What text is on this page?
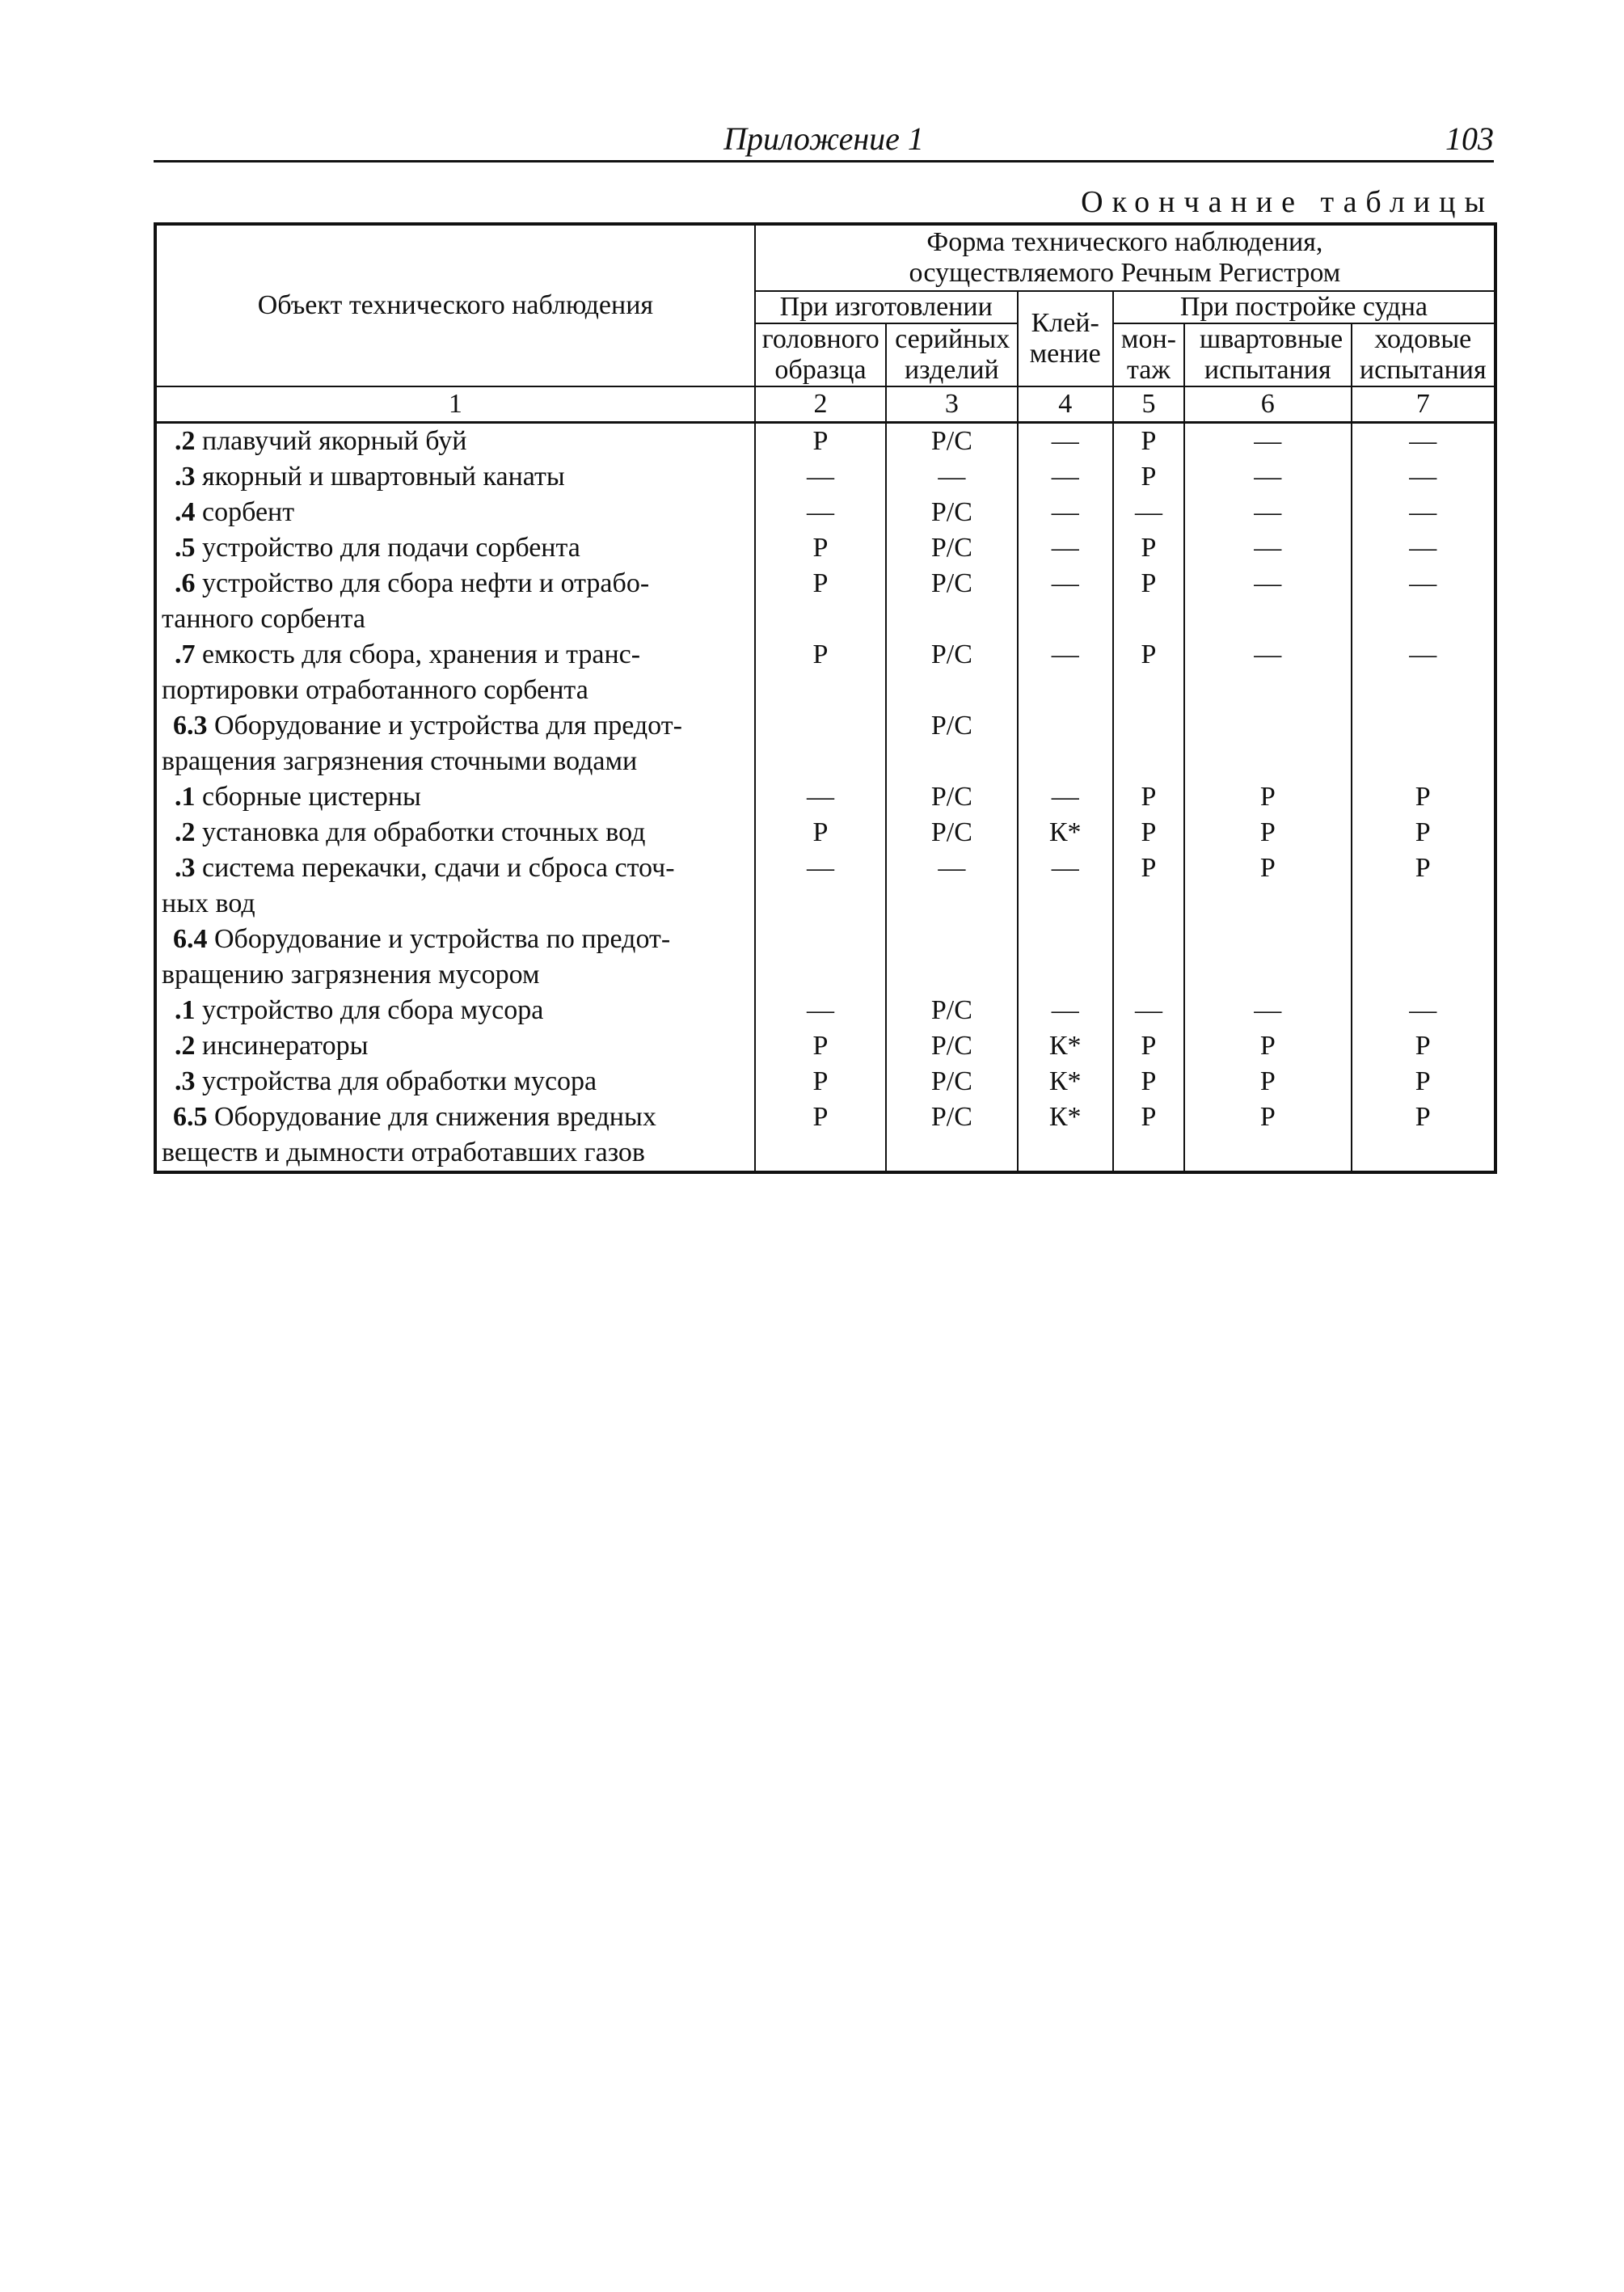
Приложение 1	103
Окончание таблицы
Объект технического наблюдения	Форма технического наблюдения, осуществляемого Речным Регистром					
	При изготовлении		Клей-мение	При постройке судна		
	головного образца	серийных изделий		мон-таж	швартовные испытания	ходовые испытания
1	2	3	4	5	6	7

.2 плавучий якорный буй	Р	Р/С	—	Р	—	—

.3 якорный и швартовный канаты	—	—	—	Р	—	—

.4 сорбент	—	Р/С	—	—	—	—

.5 устройство для подачи сорбента	Р	Р/С	—	Р	—	—

.6 устройство для сбора нефти и отрабо-
танного сорбента	Р	Р/С	—	Р	—	—

.7 емкость для сбора, хранения и транс-
портировки отработанного сорбента	Р	Р/С	—	Р	—	—

6.3 Оборудование и устройства для предот-
вращения загрязнения сточными водами		Р/С				

.1 сборные цистерны	—	Р/С	—	Р	Р	Р

.2 установка для обработки сточных вод	Р	Р/С	К*	Р	Р	Р

.3 система перекачки, сдачи и сброса сточ-
ных вод	—	—	—	Р	Р	Р

6.4 Оборудование и устройства по предот-
вращению загрязнения мусором						

.1 устройство для сбора мусора	—	Р/С	—	—	—	—

.2 инсинераторы	Р	Р/С	К*	Р	Р	Р

.3 устройства для обработки мусора	Р	Р/С	К*	Р	Р	Р

6.5 Оборудование для снижения вредных
веществ и дымности отработавших газов	Р	Р/С	К*	Р	Р	Р
